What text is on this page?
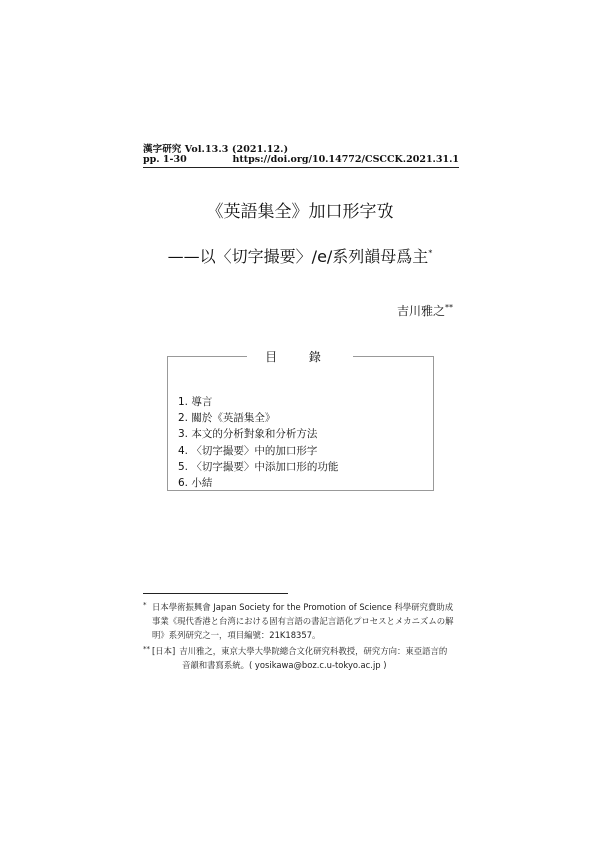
漢字研究 Vol.13.3 (2021.12.)
pp. 1-30	https://doi.org/10.14772/CSCCK.2021.31.1
《英語集全》加口形字攷
——以〈切字撮要〉/e/系列韻母爲主*
吉川雅之**
目 錄
1. 導言
2. 關於《英語集全》
3. 本文的分析對象和分析方法
4. 〈切字撮要〉中的加口形字
5. 〈切字撮要〉中添加口形的功能
6. 小結
* 日本學術振興會 Japan Society for the Promotion of Science 科學研究費助成事業《現代香港と台湾における固有言語の書記言語化プロセスとメカニズムの解明》系列研究之一，項目編號：21K18357。
** [日本] 吉川雅之，東京大學大學院總合文化研究科教授，研究方向：東亞語言的
音韻和書寫系統。( yosikawa@boz.c.u-tokyo.ac.jp )
